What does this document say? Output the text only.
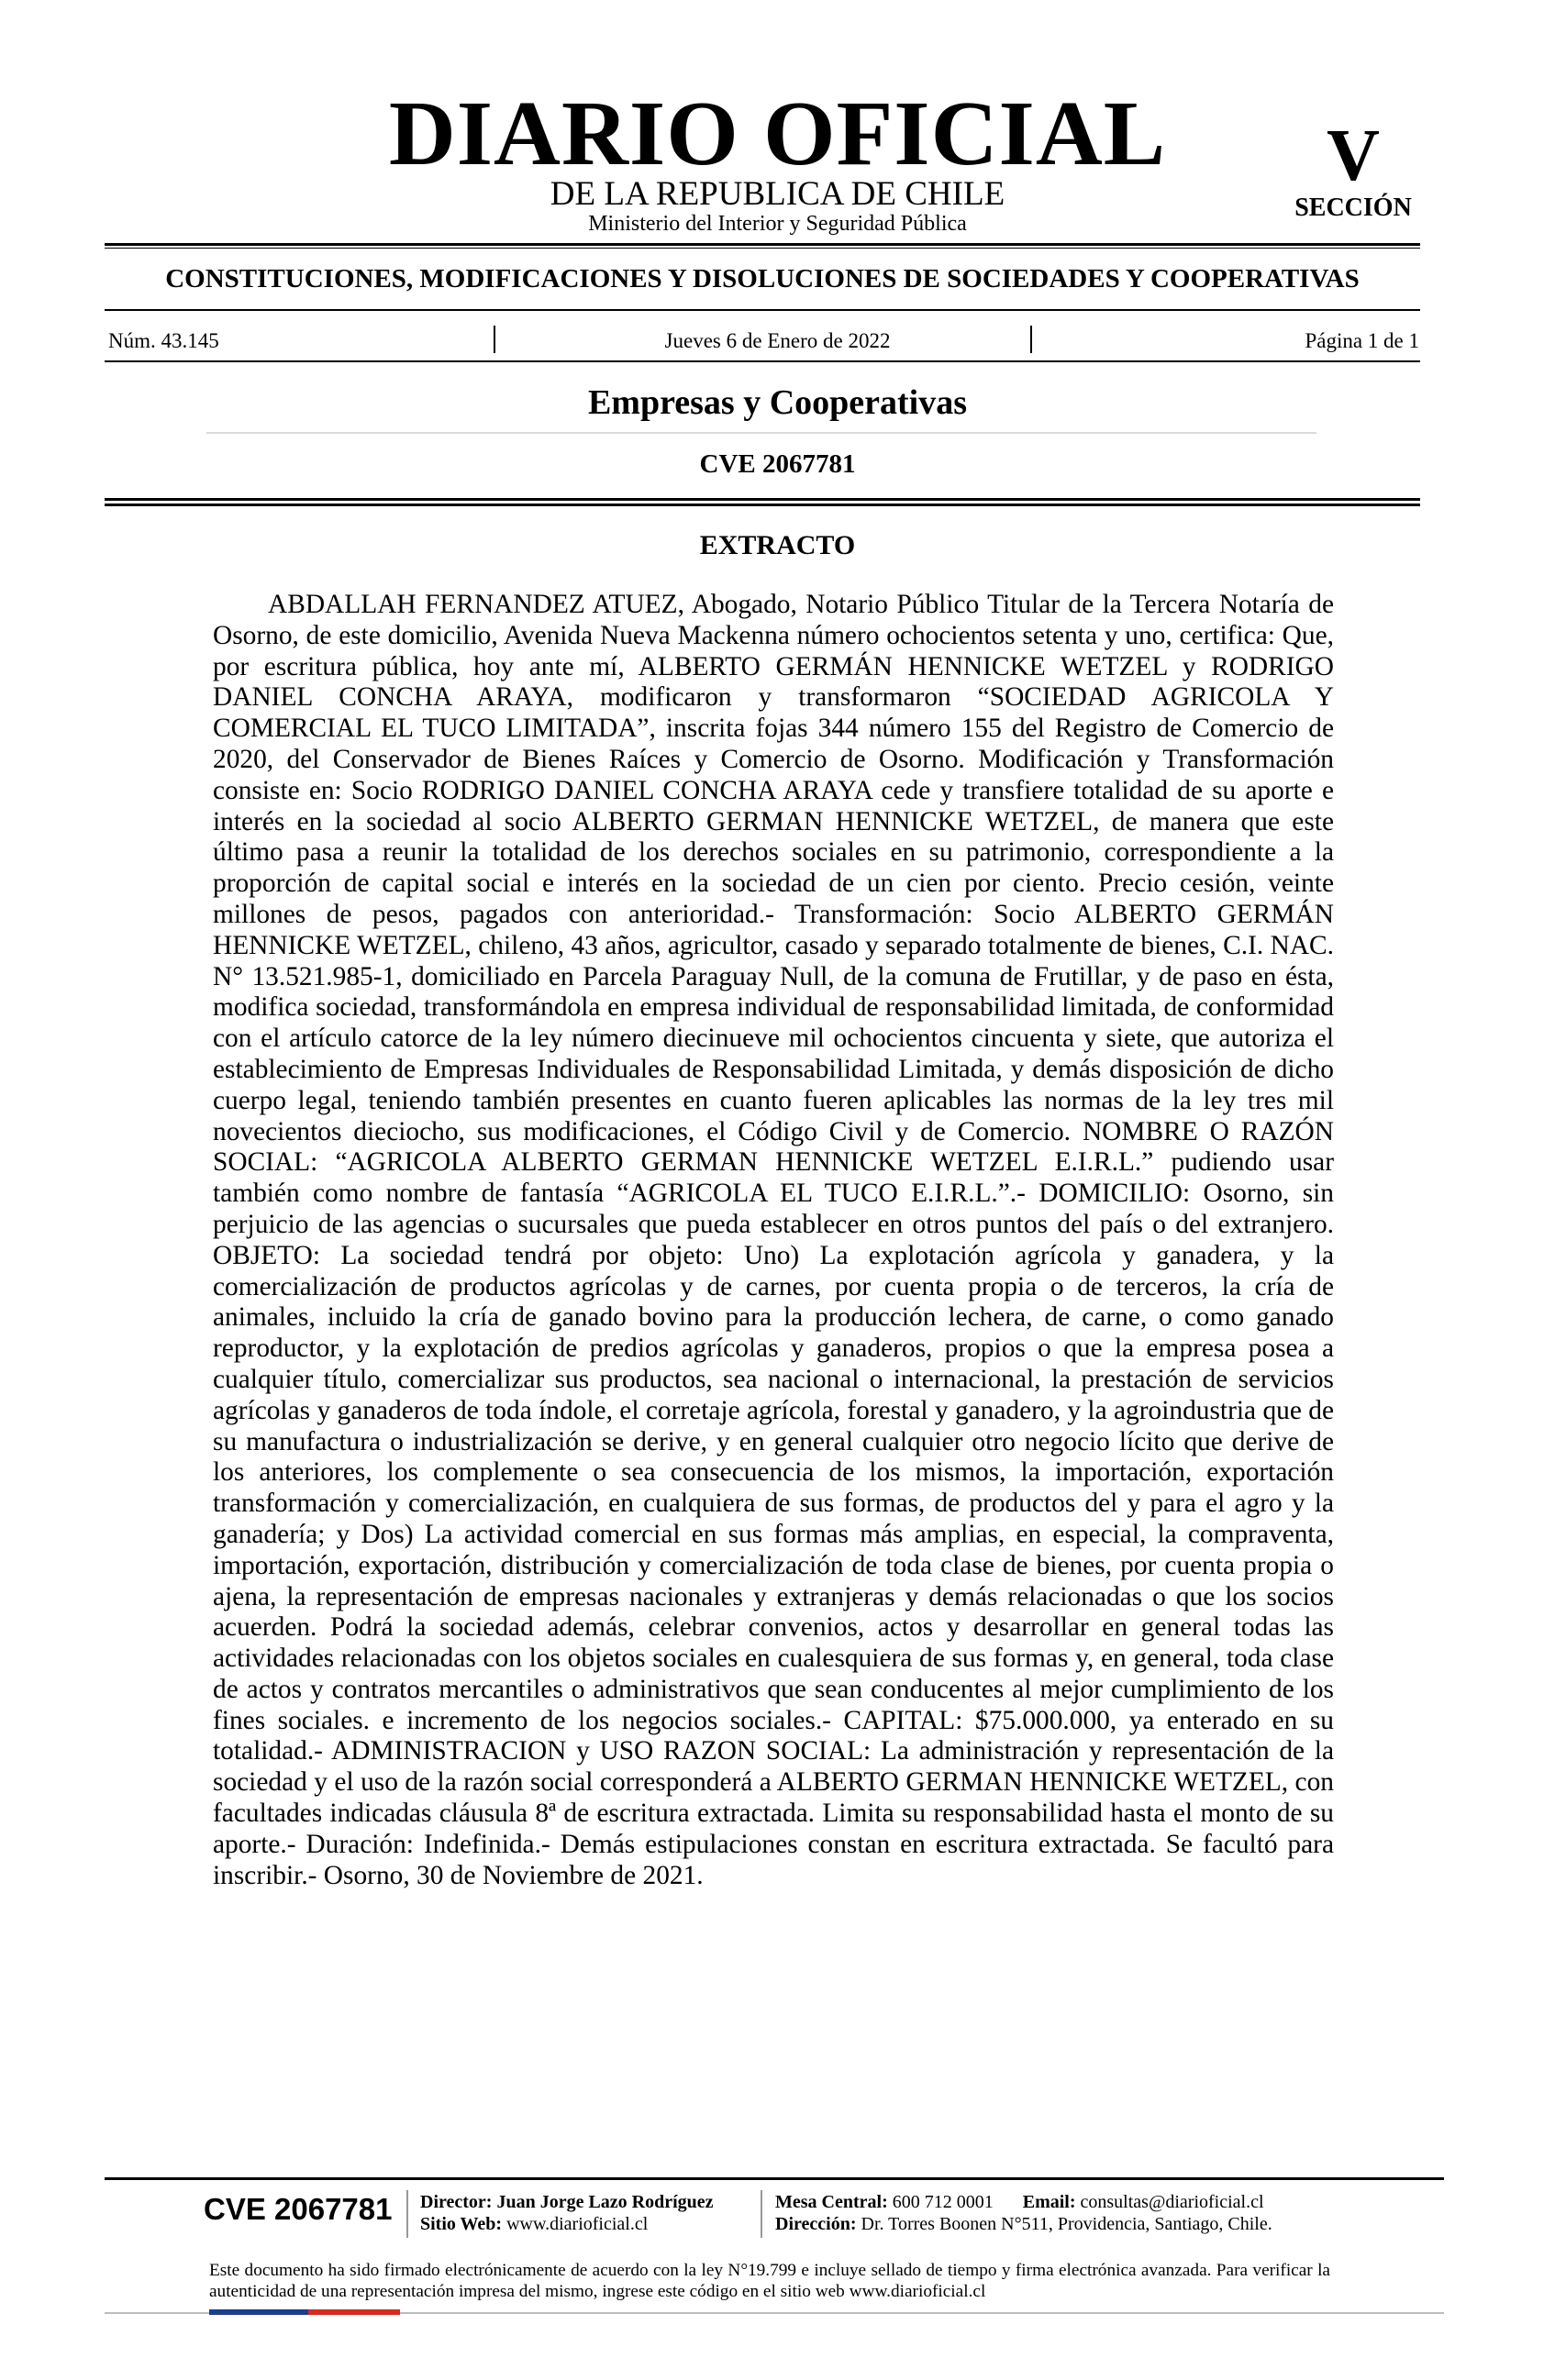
DIARIO OFICIAL
DE LA REPUBLICA DE CHILE
Ministerio del Interior y Seguridad Pública
V
SECCIÓN
CONSTITUCIONES, MODIFICACIONES Y DISOLUCIONES DE SOCIEDADES Y COOPERATIVAS
Núm. 43.145	Jueves 6 de Enero de 2022	Página 1 de 1
Empresas y Cooperativas
CVE 2067781
EXTRACTO

ABDALLAH FERNANDEZ ATUEZ, Abogado, Notario Público Titular de la Tercera Notaría de Osorno, de este domicilio, Avenida Nueva Mackenna número ochocientos setenta y uno, certifica: Que, por escritura pública, hoy ante mí, ALBERTO GERMÁN HENNICKE WETZEL y RODRIGO DANIEL CONCHA ARAYA, modificaron y transformaron “SOCIEDAD AGRICOLA Y COMERCIAL EL TUCO LIMITADA”, inscrita fojas 344 número 155 del Registro de Comercio de 2020, del Conservador de Bienes Raíces y Comercio de Osorno. Modificación y Transformación consiste en: Socio RODRIGO DANIEL CONCHA ARAYA cede y transfiere totalidad de su aporte e interés en la sociedad al socio ALBERTO GERMAN HENNICKE WETZEL, de manera que este último pasa a reunir la totalidad de los derechos sociales en su patrimonio, correspondiente a la proporción de capital social e interés en la sociedad de un cien por ciento. Precio cesión, veinte millones de pesos, pagados con anterioridad.- Transformación: Socio ALBERTO GERMÁN HENNICKE WETZEL, chileno, 43 años, agricultor, casado y separado totalmente de bienes, C.I. NAC. N° 13.521.985-1, domiciliado en Parcela Paraguay Null, de la comuna de Frutillar, y de paso en ésta, modifica sociedad, transformándola en empresa individual de responsabilidad limitada, de conformidad con el artículo catorce de la ley número diecinueve mil ochocientos cincuenta y siete, que autoriza el establecimiento de Empresas Individuales de Responsabilidad Limitada, y demás disposición de dicho cuerpo legal, teniendo también presentes en cuanto fueren aplicables las normas de la ley tres mil novecientos dieciocho, sus modificaciones, el Código Civil y de Comercio. NOMBRE O RAZÓN SOCIAL: “AGRICOLA ALBERTO GERMAN HENNICKE WETZEL E.I.R.L.” pudiendo usar también como nombre de fantasía “AGRICOLA EL TUCO E.I.R.L.”.- DOMICILIO: Osorno, sin perjuicio de las agencias o sucursales que pueda establecer en otros puntos del país o del extranjero. OBJETO: La sociedad tendrá por objeto: Uno) La explotación agrícola y ganadera, y la comercialización de productos agrícolas y de carnes, por cuenta propia o de terceros, la cría de animales, incluido la cría de ganado bovino para la producción lechera, de carne, o como ganado reproductor, y la explotación de predios agrícolas y ganaderos, propios o que la empresa posea a cualquier título, comercializar sus productos, sea nacional o internacional, la prestación de servicios agrícolas y ganaderos de toda índole, el corretaje agrícola, forestal y ganadero, y la agroindustria que de su manufactura o industrialización se derive, y en general cualquier otro negocio lícito que derive de los anteriores, los complemente o sea consecuencia de los mismos, la importación, exportación transformación y comercialización, en cualquiera de sus formas, de productos del y para el agro y la ganadería; y Dos) La actividad comercial en sus formas más amplias, en especial, la compraventa, importación, exportación, distribución y comercialización de toda clase de bienes, por cuenta propia o ajena, la representación de empresas nacionales y extranjeras y demás relacionadas o que los socios acuerden. Podrá la sociedad además, celebrar convenios, actos y desarrollar en general todas las actividades relacionadas con los objetos sociales en cualesquiera de sus formas y, en general, toda clase de actos y contratos mercantiles o administrativos que sean conducentes al mejor cumplimiento de los fines sociales. e incremento de los negocios sociales.- CAPITAL: $75.000.000, ya enterado en su totalidad.- ADMINISTRACION y USO RAZON SOCIAL: La administración y representación de la sociedad y el uso de la razón social corresponderá a ALBERTO GERMAN HENNICKE WETZEL, con facultades indicadas cláusula 8ª de escritura extractada. Limita su responsabilidad hasta el monto de su aporte.- Duración: Indefinida.- Demás estipulaciones constan en escritura extractada. Se facultó para inscribir.- Osorno, 30 de Noviembre de 2021.

CVE 2067781 Director: Juan Jorge Lazo Rodríguez
Sitio Web: www.diarioficial.cl
Mesa Central: 600 712 0001 Email: consultas@diarioficial.cl
Dirección: Dr. Torres Boonen N°511, Providencia, Santiago, Chile.
Este documento ha sido firmado electrónicamente de acuerdo con la ley N°19.799 e incluye sellado de tiempo y firma electrónica avanzada. Para verificar la autenticidad de una representación impresa del mismo, ingrese este código en el sitio web www.diarioficial.cl
